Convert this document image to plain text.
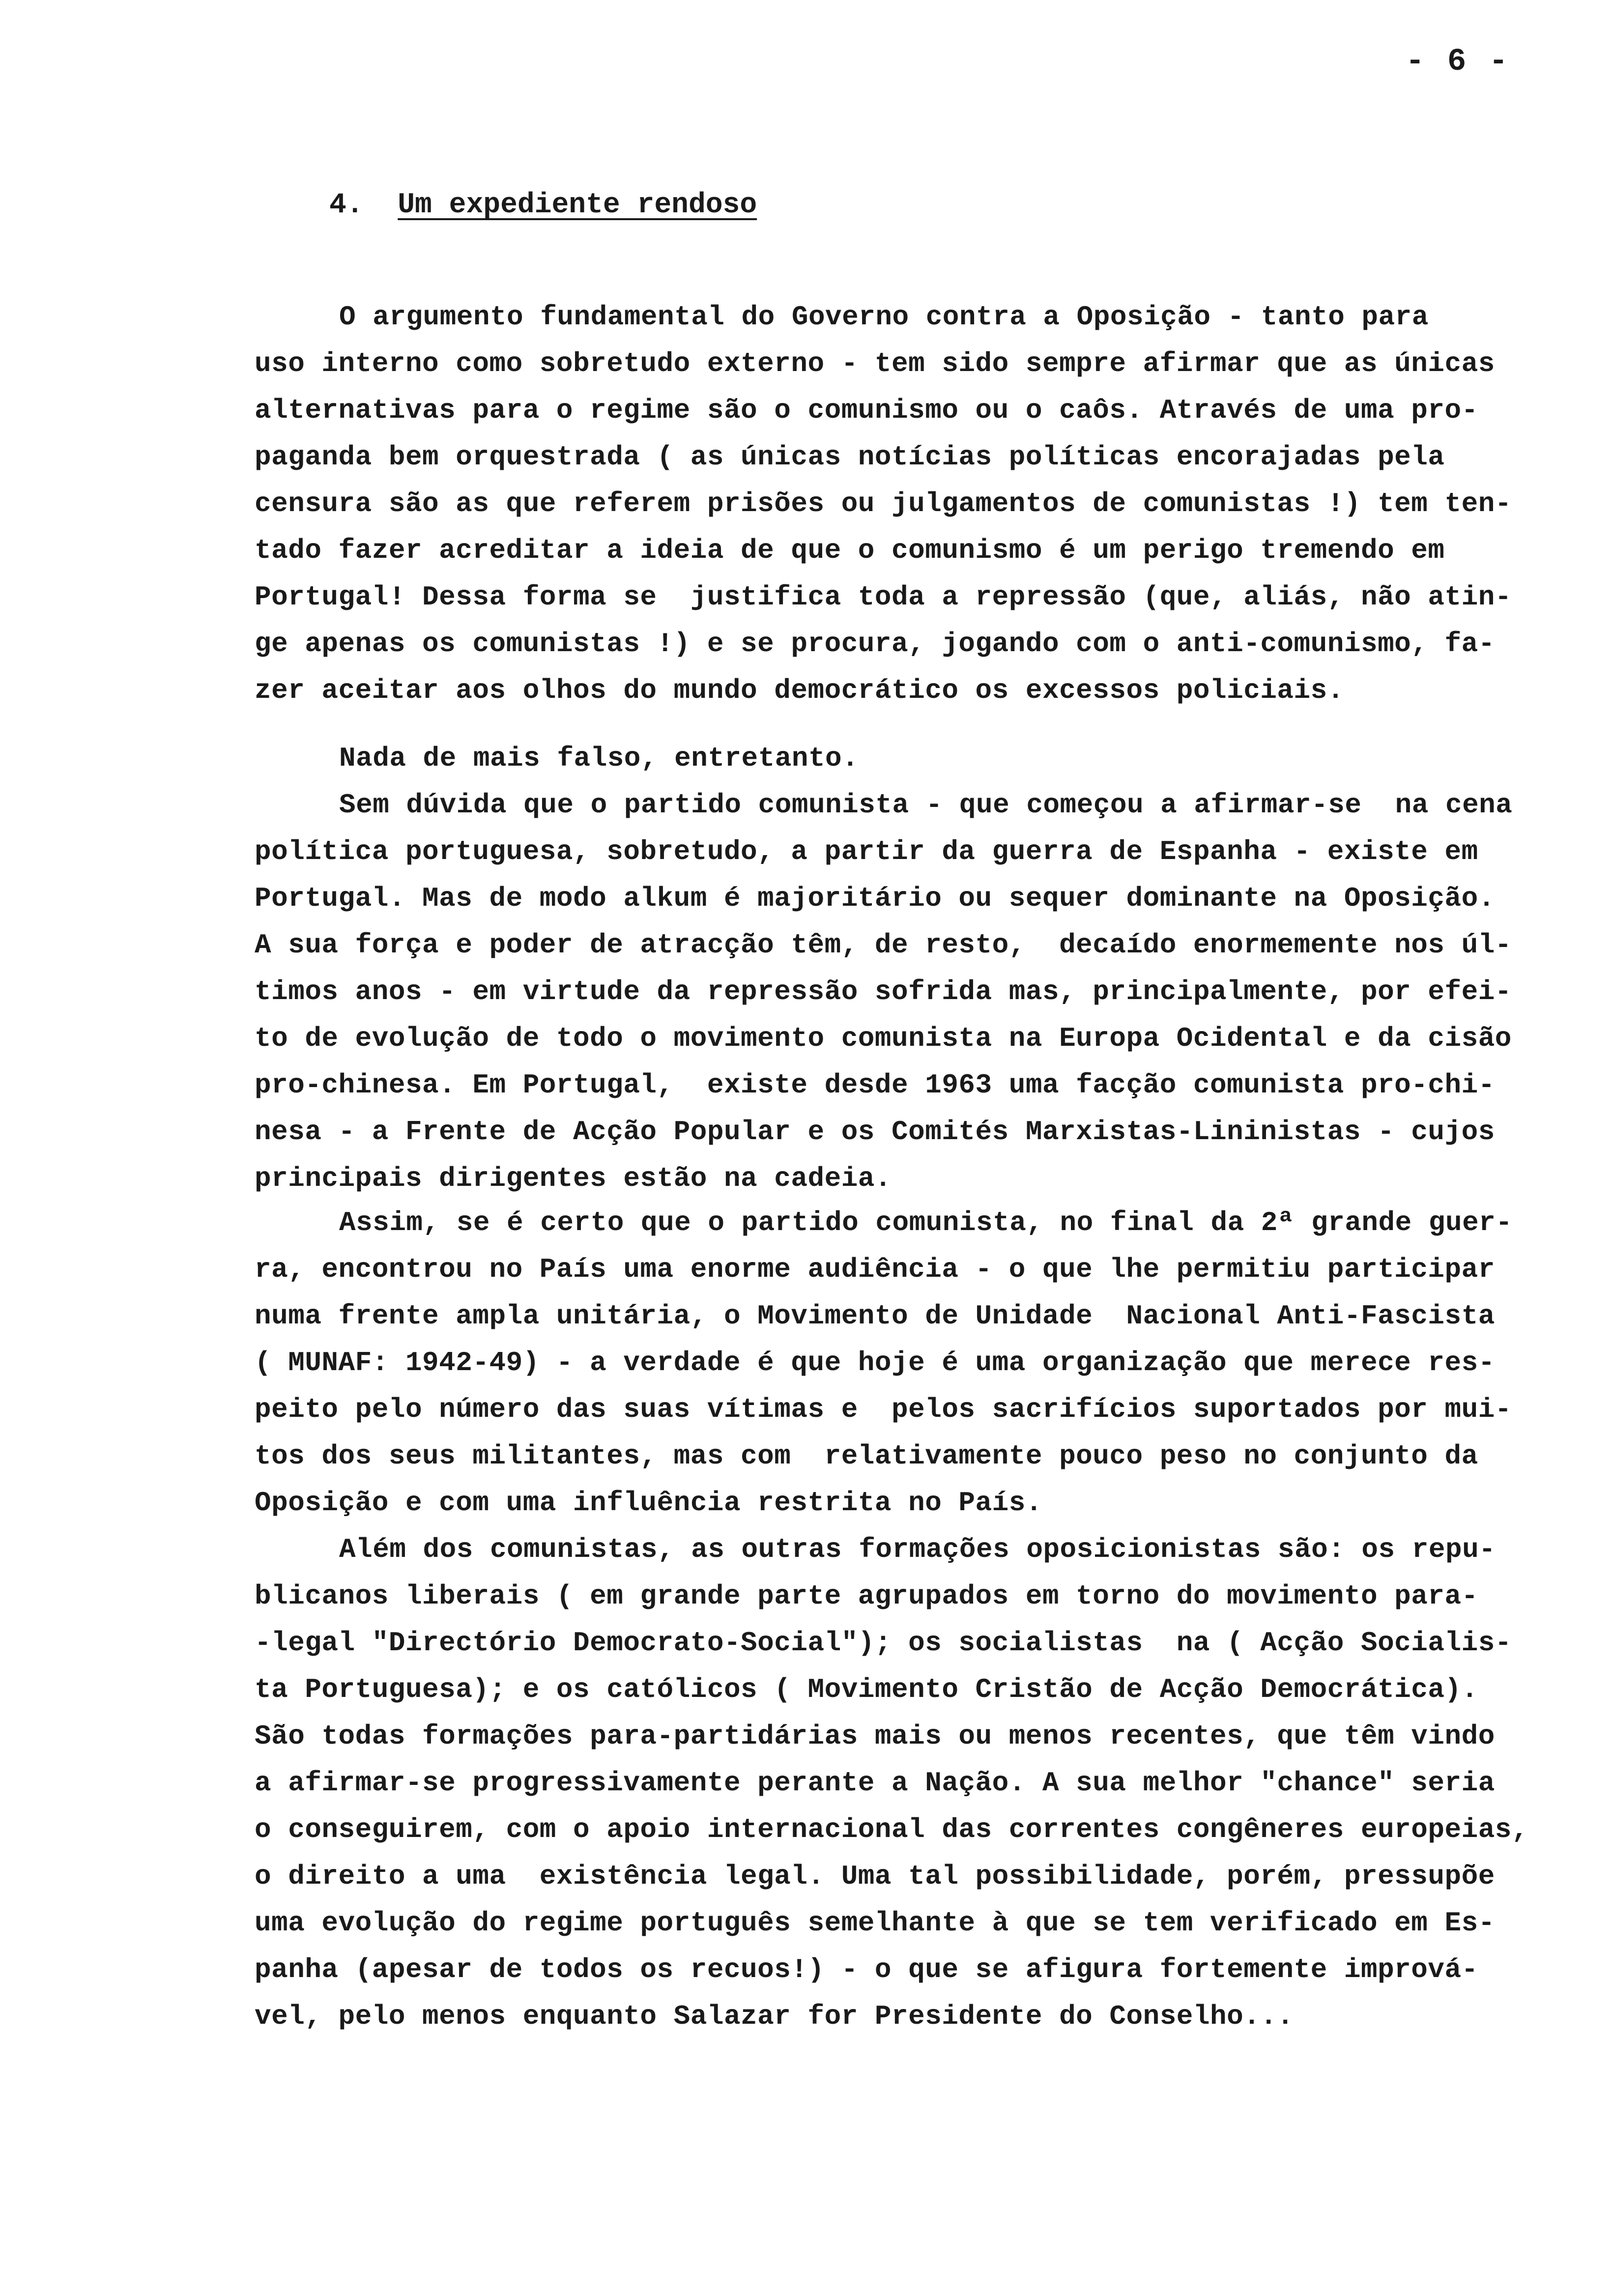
- 6 -
4. Um expediente rendoso
O argumento fundamental do Governo contra a Oposição - tanto para
uso interno como sobretudo externo - tem sido sempre afirmar que as únicas
alternativas para o regime são o comunismo ou o caôs. Através de uma pro-
paganda bem orquestrada ( as únicas notícias políticas encorajadas pela
censura são as que referem prisões ou julgamentos de comunistas !) tem ten-
tado fazer acreditar a ideia de que o comunismo é um perigo tremendo em
Portugal! Dessa forma se  justifica toda a repressão (que, aliás, não atin-
ge apenas os comunistas !) e se procura, jogando com o anti-comunismo, fa-
zer aceitar aos olhos do mundo democrático os excessos policiais.
Nada de mais falso, entretanto.
Sem dúvida que o partido comunista - que começou a afirmar-se  na cena
política portuguesa, sobretudo, a partir da guerra de Espanha - existe em
Portugal. Mas de modo alkum é majoritário ou sequer dominante na Oposição.
A sua força e poder de atracção têm, de resto,  decaído enormemente nos úl-
timos anos - em virtude da repressão sofrida mas, principalmente, por efei-
to de evolução de todo o movimento comunista na Europa Ocidental e da cisão
pro-chinesa. Em Portugal,  existe desde 1963 uma facção comunista pro-chi-
nesa - a Frente de Acção Popular e os Comités Marxistas-Lininistas - cujos
principais dirigentes estão na cadeia.
Assim, se é certo que o partido comunista, no final da 2ª grande guer-
ra, encontrou no País uma enorme audiência - o que lhe permitiu participar
numa frente ampla unitária, o Movimento de Unidade  Nacional Anti-Fascista
( MUNAF: 1942-49) - a verdade é que hoje é uma organização que merece res-
peito pelo número das suas vítimas e  pelos sacrifícios suportados por mui-
tos dos seus militantes, mas com  relativamente pouco peso no conjunto da
Oposição e com uma influência restrita no País.
Além dos comunistas, as outras formações oposicionistas são: os repu-
blicanos liberais ( em grande parte agrupados em torno do movimento para-
-legal "Directório Democrato-Social"); os socialistas  na ( Acção Socialis-
ta Portuguesa); e os católicos ( Movimento Cristão de Acção Democrática).
São todas formações para-partidárias mais ou menos recentes, que têm vindo
a afirmar-se progressivamente perante a Nação. A sua melhor "chance" seria
o conseguirem, com o apoio internacional das correntes congêneres europeias,
o direito a uma  existência legal. Uma tal possibilidade, porém, pressupõe
uma evolução do regime português semelhante à que se tem verificado em Es-
panha (apesar de todos os recuos!) - o que se afigura fortemente imprová-
vel, pelo menos enquanto Salazar for Presidente do Conselho...
